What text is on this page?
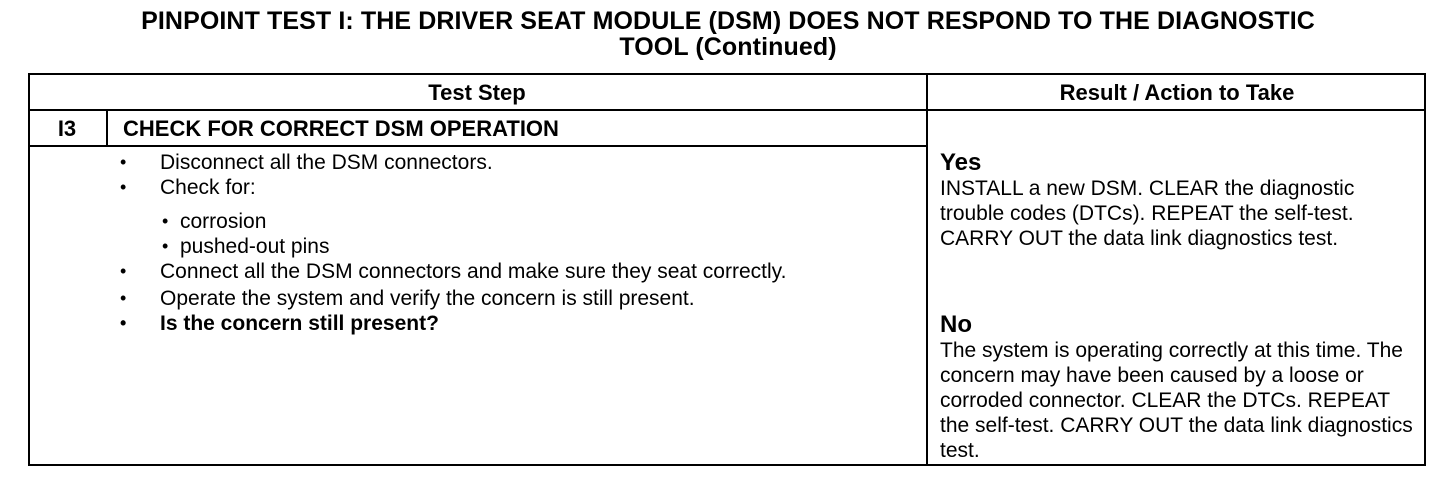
PINPOINT TEST I: THE DRIVER SEAT MODULE (DSM) DOES NOT RESPOND TO THE DIAGNOSTIC
TOOL (Continued)
Test Step	Result / Action to Take
I3	CHECK FOR CORRECT DSM OPERATION
• Disconnect all the DSM connectors.
• Check for:
• corrosion
• pushed-out pins
• Connect all the DSM connectors and make sure they seat correctly.
• Operate the system and verify the concern is still present.
• Is the concern still present?
Yes
INSTALL a new DSM. CLEAR the diagnostic trouble codes (DTCs). REPEAT the self-test. CARRY OUT the data link diagnostics test.
No
The system is operating correctly at this time. The concern may have been caused by a loose or corroded connector. CLEAR the DTCs. REPEAT the self-test. CARRY OUT the data link diagnostics test.
